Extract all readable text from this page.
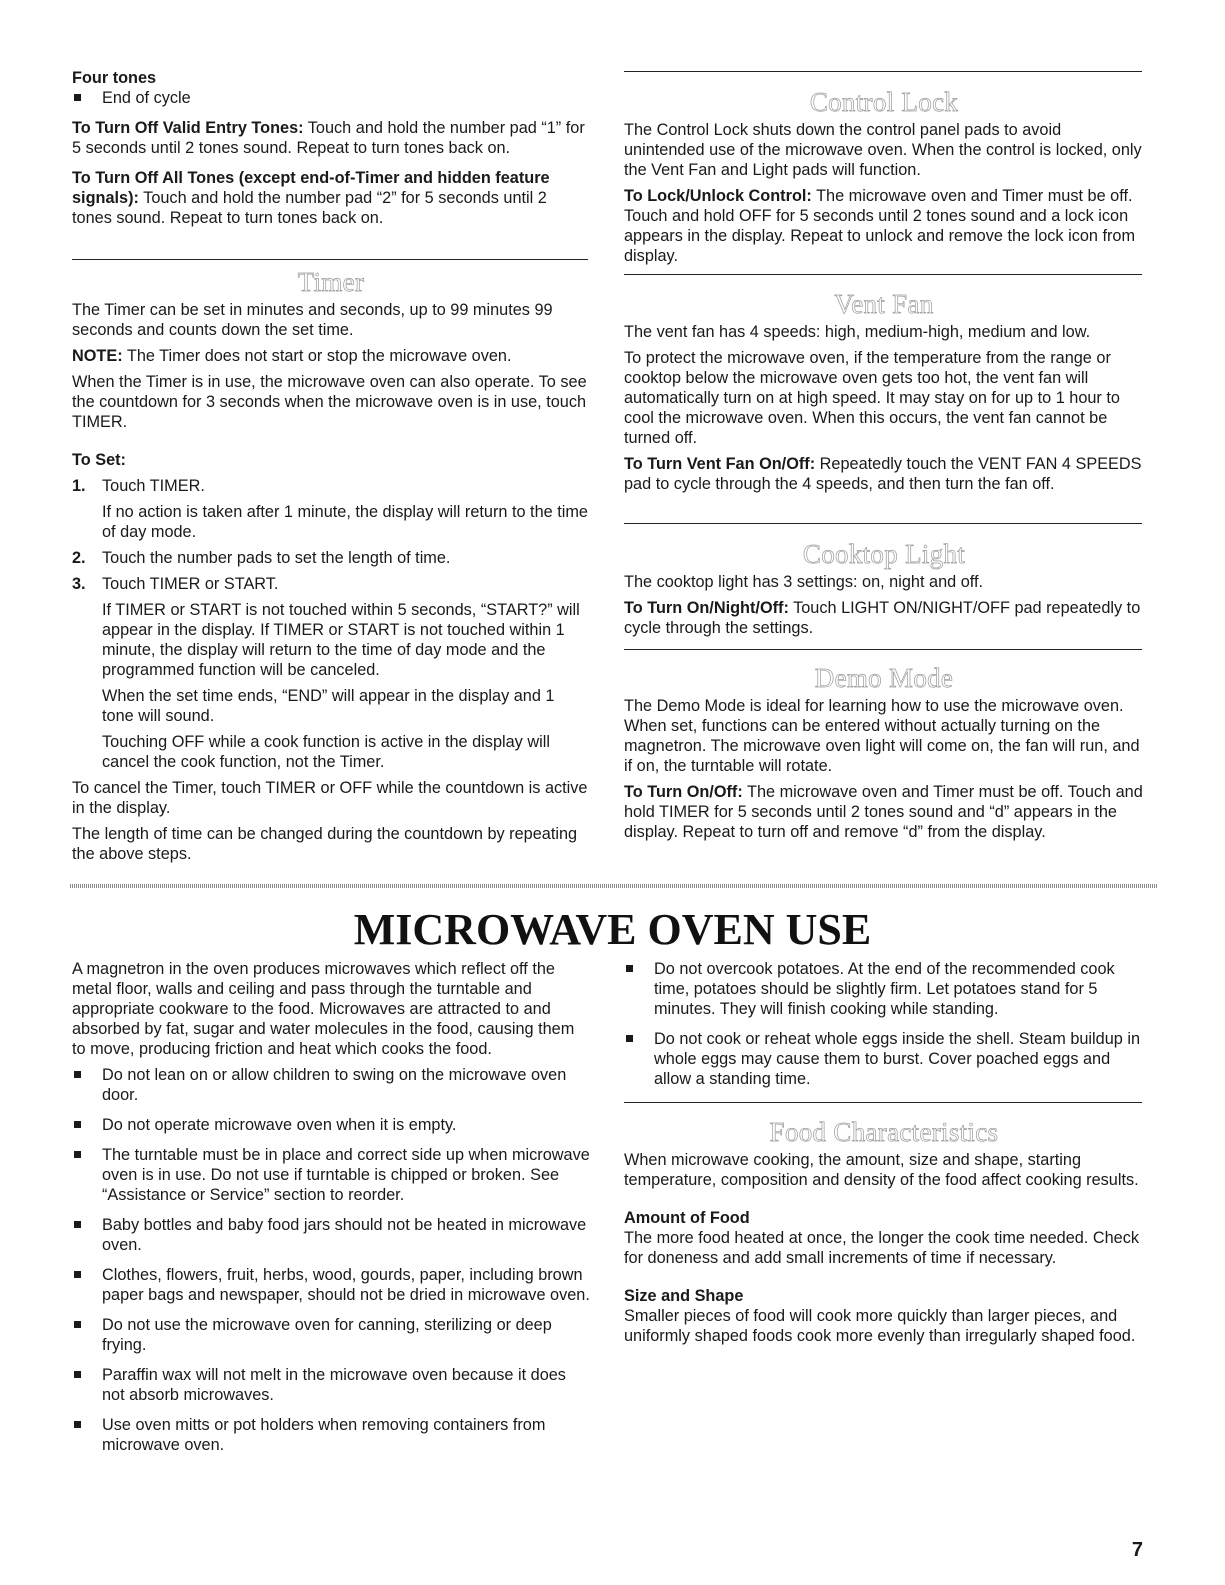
Four tones

End of cycle

To Turn Off Valid Entry Tones: Touch and hold the number pad “1” for 5 seconds until 2 tones sound. Repeat to turn tones back on.

To Turn Off All Tones (except end-of-Timer and hidden feature signals): Touch and hold the number pad “2” for 5 seconds until 2 tones sound. Repeat to turn tones back on.

Timer

The Timer can be set in minutes and seconds, up to 99 minutes 99 seconds and counts down the set time.

NOTE: The Timer does not start or stop the microwave oven.

When the Timer is in use, the microwave oven can also operate. To see the countdown for 3 seconds when the microwave oven is in use, touch TIMER.

To Set:

1. Touch TIMER.

If no action is taken after 1 minute, the display will return to the time of day mode.

2. Touch the number pads to set the length of time.

3. Touch TIMER or START.

If TIMER or START is not touched within 5 seconds, “START?” will appear in the display. If TIMER or START is not touched within 1 minute, the display will return to the time of day mode and the programmed function will be canceled.

When the set time ends, “END” will appear in the display and 1 tone will sound.

Touching OFF while a cook function is active in the display will cancel the cook function, not the Timer.

To cancel the Timer, touch TIMER or OFF while the countdown is active in the display.

The length of time can be changed during the countdown by repeating the above steps.

Control Lock

The Control Lock shuts down the control panel pads to avoid unintended use of the microwave oven. When the control is locked, only the Vent Fan and Light pads will function.

To Lock/Unlock Control: The microwave oven and Timer must be off. Touch and hold OFF for 5 seconds until 2 tones sound and a lock icon appears in the display. Repeat to unlock and remove the lock icon from display.

Vent Fan

The vent fan has 4 speeds: high, medium-high, medium and low.

To protect the microwave oven, if the temperature from the range or cooktop below the microwave oven gets too hot, the vent fan will automatically turn on at high speed. It may stay on for up to 1 hour to cool the microwave oven. When this occurs, the vent fan cannot be turned off.

To Turn Vent Fan On/Off: Repeatedly touch the VENT FAN 4 SPEEDS pad to cycle through the 4 speeds, and then turn the fan off.

Cooktop Light

The cooktop light has 3 settings: on, night and off.

To Turn On/Night/Off: Touch LIGHT ON/NIGHT/OFF pad repeatedly to cycle through the settings.

Demo Mode

The Demo Mode is ideal for learning how to use the microwave oven. When set, functions can be entered without actually turning on the magnetron. The microwave oven light will come on, the fan will run, and if on, the turntable will rotate.

To Turn On/Off: The microwave oven and Timer must be off. Touch and hold TIMER for 5 seconds until 2 tones sound and “d” appears in the display. Repeat to turn off and remove “d” from the display.

MICROWAVE OVEN USE

A magnetron in the oven produces microwaves which reflect off the metal floor, walls and ceiling and pass through the turntable and appropriate cookware to the food. Microwaves are attracted to and absorbed by fat, sugar and water molecules in the food, causing them to move, producing friction and heat which cooks the food.

Do not lean on or allow children to swing on the microwave oven door.

Do not operate microwave oven when it is empty.

The turntable must be in place and correct side up when microwave oven is in use. Do not use if turntable is chipped or broken. See “Assistance or Service” section to reorder.

Baby bottles and baby food jars should not be heated in microwave oven.

Clothes, flowers, fruit, herbs, wood, gourds, paper, including brown paper bags and newspaper, should not be dried in microwave oven.

Do not use the microwave oven for canning, sterilizing or deep frying.

Paraffin wax will not melt in the microwave oven because it does not absorb microwaves.

Use oven mitts or pot holders when removing containers from microwave oven.

Do not overcook potatoes. At the end of the recommended cook time, potatoes should be slightly firm. Let potatoes stand for 5 minutes. They will finish cooking while standing.

Do not cook or reheat whole eggs inside the shell. Steam buildup in whole eggs may cause them to burst. Cover poached eggs and allow a standing time.

Food Characteristics

When microwave cooking, the amount, size and shape, starting temperature, composition and density of the food affect cooking results.

Amount of Food

The more food heated at once, the longer the cook time needed. Check for doneness and add small increments of time if necessary.

Size and Shape

Smaller pieces of food will cook more quickly than larger pieces, and uniformly shaped foods cook more evenly than irregularly shaped food.

7
